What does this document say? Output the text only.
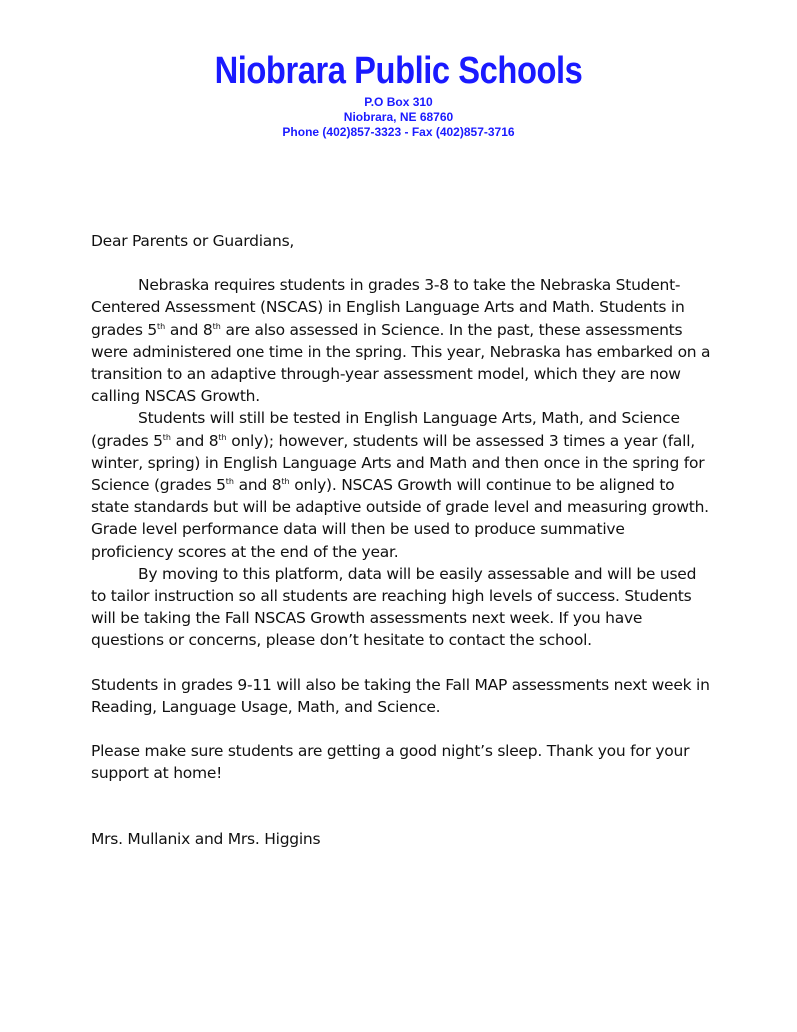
Niobrara Public Schools
P.O Box 310
Niobrara, NE 68760
Phone (402)857-3323 - Fax (402)857-3716

Dear Parents or Guardians,

Nebraska requires students in grades 3-8 to take the Nebraska Student-Centered Assessment (NSCAS) in English Language Arts and Math. Students in grades 5th and 8th are also assessed in Science. In the past, these assessments were administered one time in the spring. This year, Nebraska has embarked on a transition to an adaptive through-year assessment model, which they are now calling NSCAS Growth.

Students will still be tested in English Language Arts, Math, and Science (grades 5th and 8th only); however, students will be assessed 3 times a year (fall, winter, spring) in English Language Arts and Math and then once in the spring for Science (grades 5th and 8th only). NSCAS Growth will continue to be aligned to state standards but will be adaptive outside of grade level and measuring growth. Grade level performance data will then be used to produce summative proficiency scores at the end of the year.

By moving to this platform, data will be easily assessable and will be used to tailor instruction so all students are reaching high levels of success. Students will be taking the Fall NSCAS Growth assessments next week. If you have questions or concerns, please don’t hesitate to contact the school.

Students in grades 9-11 will also be taking the Fall MAP assessments next week in Reading, Language Usage, Math, and Science.

Please make sure students are getting a good night’s sleep. Thank you for your support at home!

Mrs. Mullanix and Mrs. Higgins
